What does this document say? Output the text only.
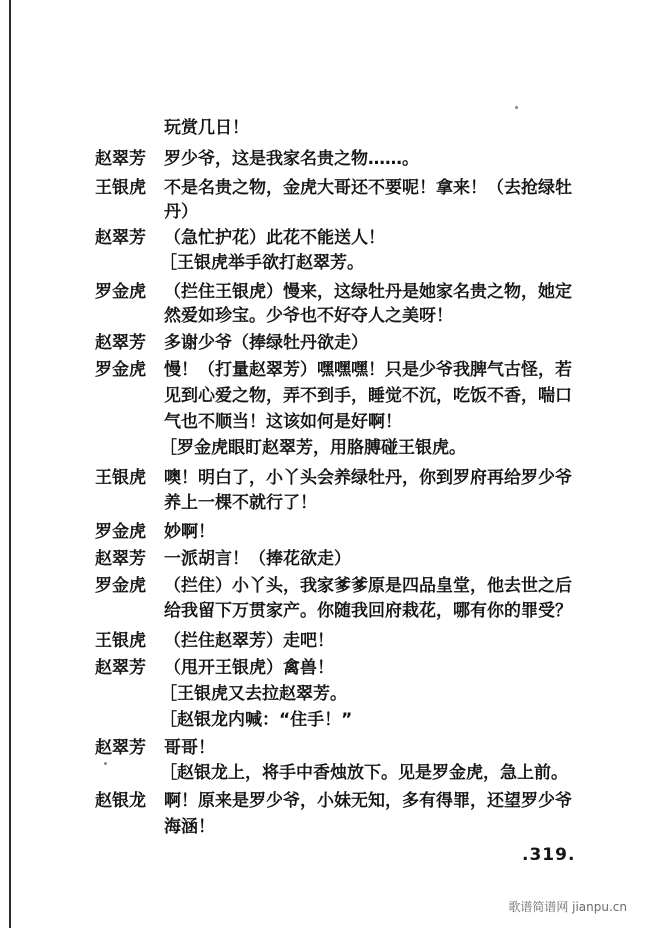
玩赏几日！
赵翠芳 罗少爷，这是我家名贵之物……。
王银虎 不是名贵之物，金虎大哥还不要呢！拿来！（去抢绿牡
丹）
赵翠芳 （急忙护花）此花不能送人！
［王银虎举手欲打赵翠芳。
罗金虎 （拦住王银虎）慢来，这绿牡丹是她家名贵之物，她定
然爱如珍宝。少爷也不好夺人之美呀！
赵翠芳 多谢少爷（捧绿牡丹欲走）
罗金虎 慢！（打量赵翠芳）嘿嘿嘿！只是少爷我脾气古怪，若
见到心爱之物，弄不到手，睡觉不沉，吃饭不香，喘口
气也不顺当！这该如何是好啊！
［罗金虎眼盯赵翠芳，用胳膊碰王银虎。
王银虎 噢！明白了，小丫头会养绿牡丹，你到罗府再给罗少爷
养上一棵不就行了！
罗金虎 妙啊！
赵翠芳 一派胡言！（捧花欲走）
罗金虎 （拦住）小丫头，我家爹爹原是四品皇堂，他去世之后
给我留下万贯家产。你随我回府栽花，哪有你的罪受？
王银虎 （拦住赵翠芳）走吧！
赵翠芳 （甩开王银虎）禽兽！
［王银虎又去拉赵翠芳。
［赵银龙内喊：“住手！”
赵翠芳 哥哥！
［赵银龙上，将手中香烛放下。见是罗金虎，急上前。
赵银龙 啊！原来是罗少爷，小妹无知，多有得罪，还望罗少爷
海涵！
.319.
歌谱简谱网 jianpu.cn
